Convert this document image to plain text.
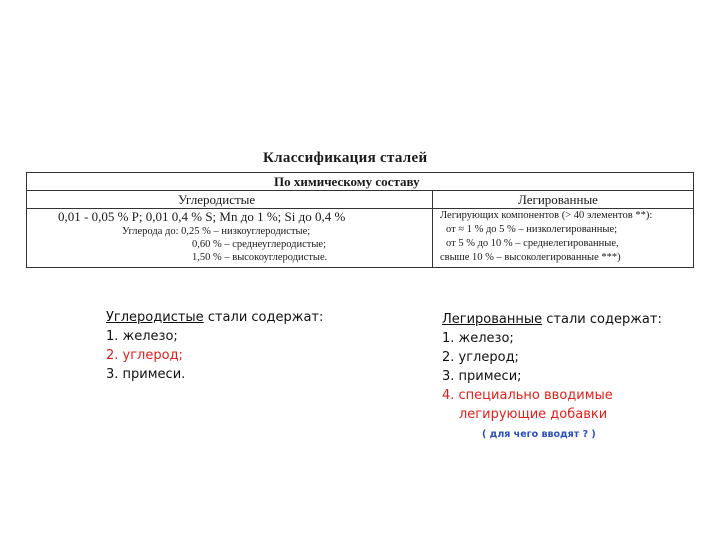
Классификация сталей
По химическому составу
Углеродистые	Легированные
0,01 - 0,05 % P; 0,01 0,4 % S; Mn до 1 %; Si до 0,4 %
Углерода до: 0,25 % – низкоуглеродистые;
0,60 % – среднеуглеродистые;
1,50 % – высокоуглеродистые.
Легирующих компонентов (> 40 элементов **):
от ≈ 1 % до 5 % – низколегированные;
от 5 % до 10 % – среднелегированные,
свыше 10 % – высоколегированные ***)
Углеродистые стали содержат:
1. железо;
2. углерод;
3. примеси.
Легированные стали содержат:
1. железо;
2. углерод;
3. примеси;
4. специально вводимые
легирующие добавки
( для чего вводят ? )
